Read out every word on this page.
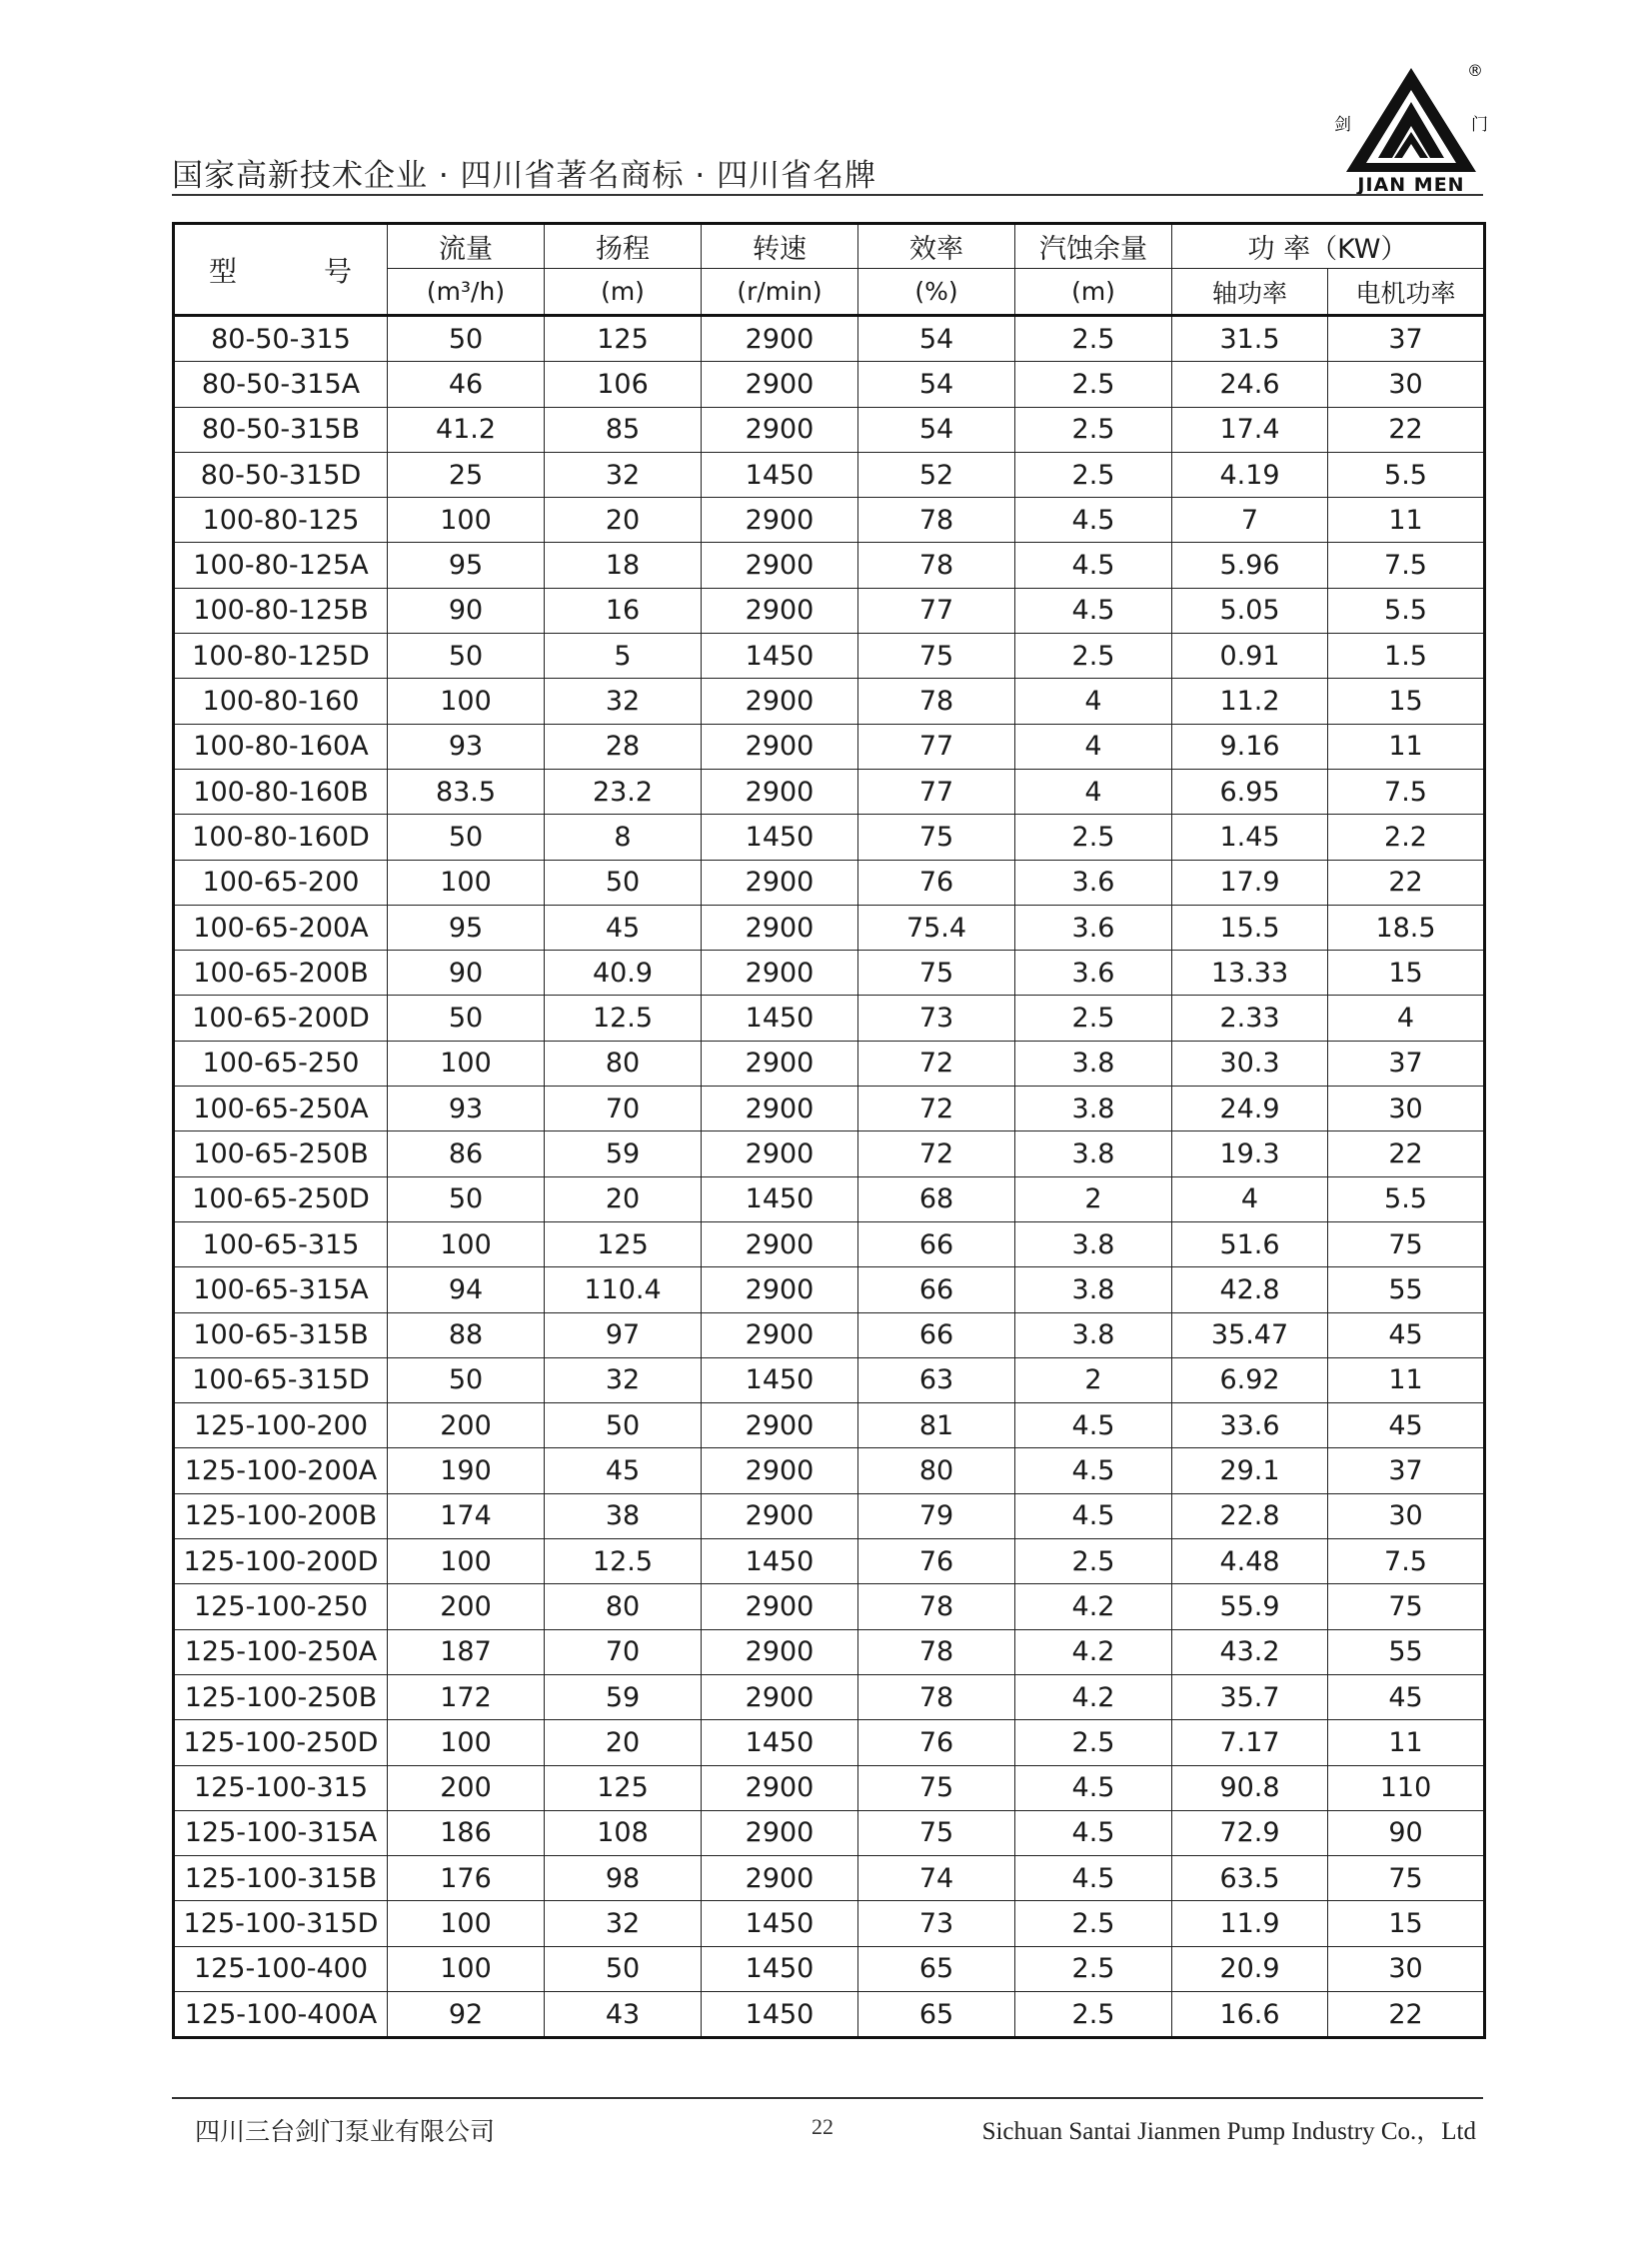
国家高新技术企业 · 四川省著名商标 · 四川省名牌
®
剑	门
JIAN MEN
型 号	流量	扬程	转速	效率	汽蚀余量	功 率（KW）	
	(m³/h)	(m)	(r/min)	(%)	(m)	轴功率	电机功率
80-50-315	50	125	2900	54	2.5	31.5	37
80-50-315A	46	106	2900	54	2.5	24.6	30
80-50-315B	41.2	85	2900	54	2.5	17.4	22
80-50-315D	25	32	1450	52	2.5	4.19	5.5
100-80-125	100	20	2900	78	4.5	7	11
100-80-125A	95	18	2900	78	4.5	5.96	7.5
100-80-125B	90	16	2900	77	4.5	5.05	5.5
100-80-125D	50	5	1450	75	2.5	0.91	1.5
100-80-160	100	32	2900	78	4	11.2	15
100-80-160A	93	28	2900	77	4	9.16	11
100-80-160B	83.5	23.2	2900	77	4	6.95	7.5
100-80-160D	50	8	1450	75	2.5	1.45	2.2
100-65-200	100	50	2900	76	3.6	17.9	22
100-65-200A	95	45	2900	75.4	3.6	15.5	18.5
100-65-200B	90	40.9	2900	75	3.6	13.33	15
100-65-200D	50	12.5	1450	73	2.5	2.33	4
100-65-250	100	80	2900	72	3.8	30.3	37
100-65-250A	93	70	2900	72	3.8	24.9	30
100-65-250B	86	59	2900	72	3.8	19.3	22
100-65-250D	50	20	1450	68	2	4	5.5
100-65-315	100	125	2900	66	3.8	51.6	75
100-65-315A	94	110.4	2900	66	3.8	42.8	55
100-65-315B	88	97	2900	66	3.8	35.47	45
100-65-315D	50	32	1450	63	2	6.92	11
125-100-200	200	50	2900	81	4.5	33.6	45
125-100-200A	190	45	2900	80	4.5	29.1	37
125-100-200B	174	38	2900	79	4.5	22.8	30
125-100-200D	100	12.5	1450	76	2.5	4.48	7.5
125-100-250	200	80	2900	78	4.2	55.9	75
125-100-250A	187	70	2900	78	4.2	43.2	55
125-100-250B	172	59	2900	78	4.2	35.7	45
125-100-250D	100	20	1450	76	2.5	7.17	11
125-100-315	200	125	2900	75	4.5	90.8	110
125-100-315A	186	108	2900	75	4.5	72.9	90
125-100-315B	176	98	2900	74	4.5	63.5	75
125-100-315D	100	32	1450	73	2.5	11.9	15
125-100-400	100	50	1450	65	2.5	20.9	30
125-100-400A	92	43	1450	65	2.5	16.6	22
四川三台剑门泵业有限公司	22	Sichuan Santai Jianmen Pump Industry Co.，Ltd
